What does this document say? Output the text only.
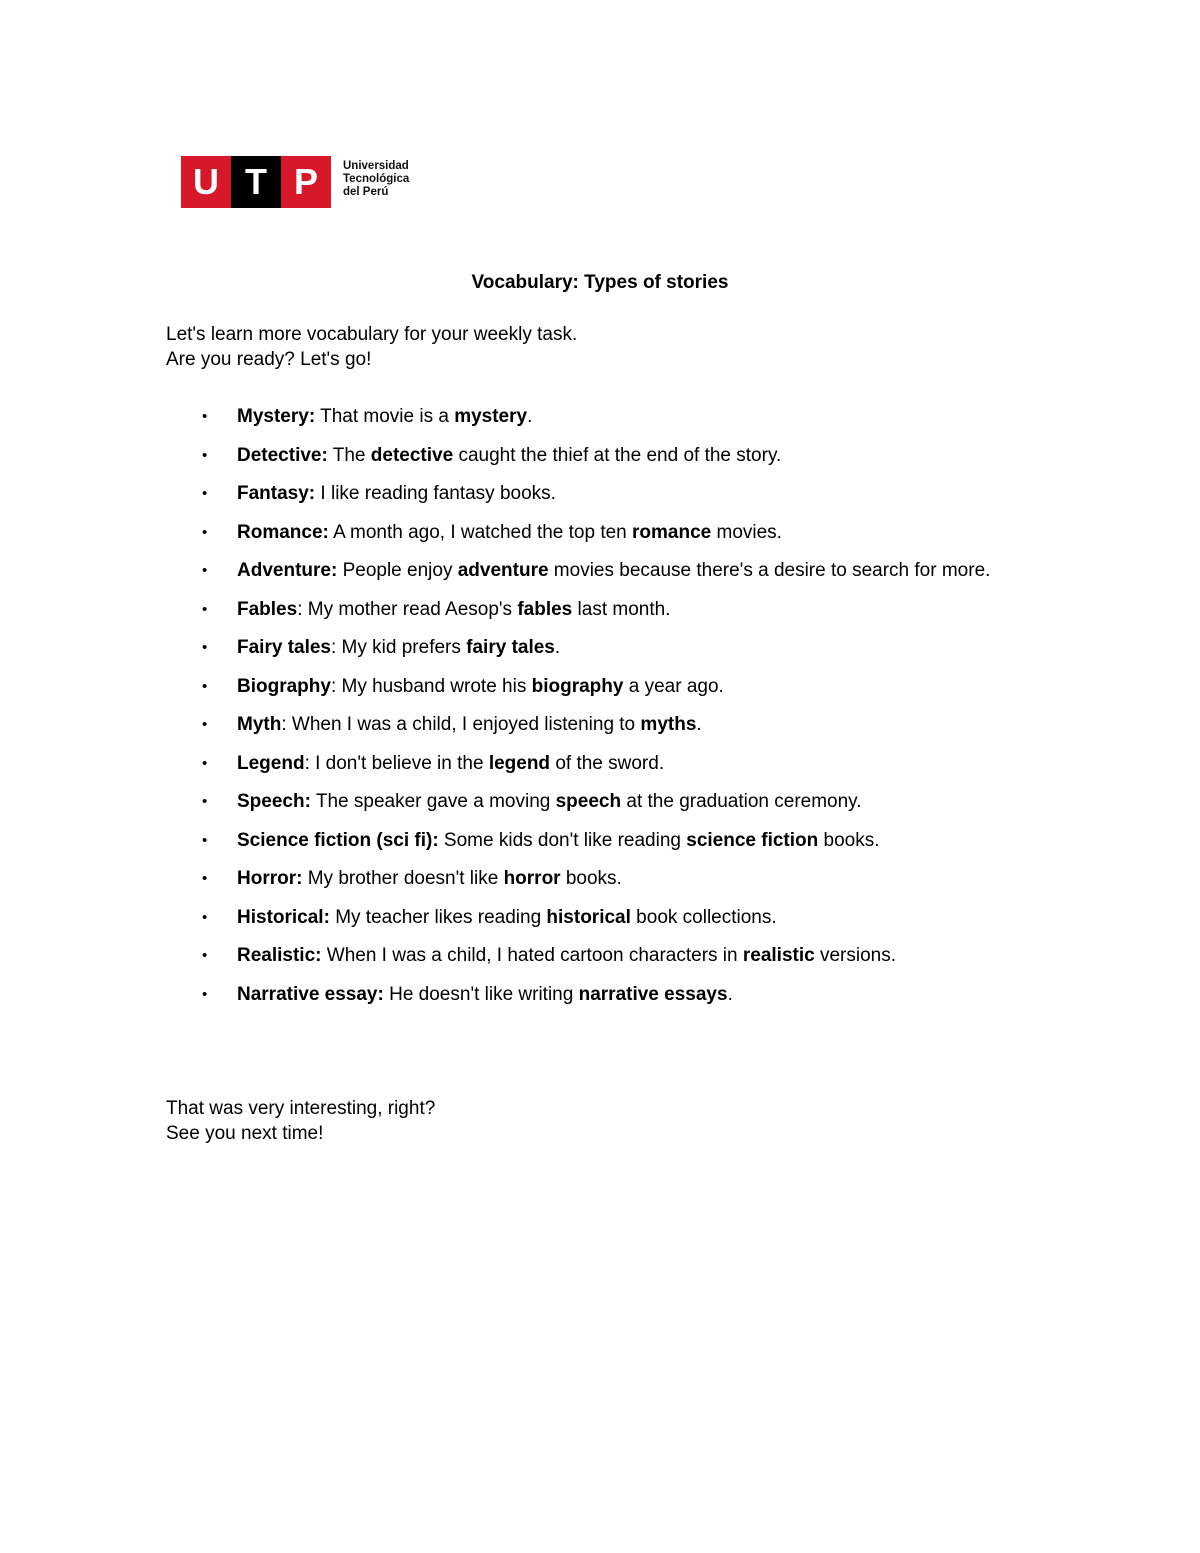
U T P	Universidad
Tecnológica
del Perú
Vocabulary: Types of stories
Let's learn more vocabulary for your weekly task.
Are you ready? Let's go!
• Mystery: That movie is a mystery.
• Detective: The detective caught the thief at the end of the story.
• Fantasy: I like reading fantasy books.
• Romance: A month ago, I watched the top ten romance movies.
• Adventure: People enjoy adventure movies because there's a desire to search for more.
• Fables: My mother read Aesop's fables last month.
• Fairy tales: My kid prefers fairy tales.
• Biography: My husband wrote his biography a year ago.
• Myth: When I was a child, I enjoyed listening to myths.
• Legend: I don't believe in the legend of the sword.
• Speech: The speaker gave a moving speech at the graduation ceremony.
• Science fiction (sci fi): Some kids don't like reading science fiction books.
• Horror: My brother doesn't like horror books.
• Historical: My teacher likes reading historical book collections.
• Realistic: When I was a child, I hated cartoon characters in realistic versions.
• Narrative essay: He doesn't like writing narrative essays.
That was very interesting, right?
See you next time!
